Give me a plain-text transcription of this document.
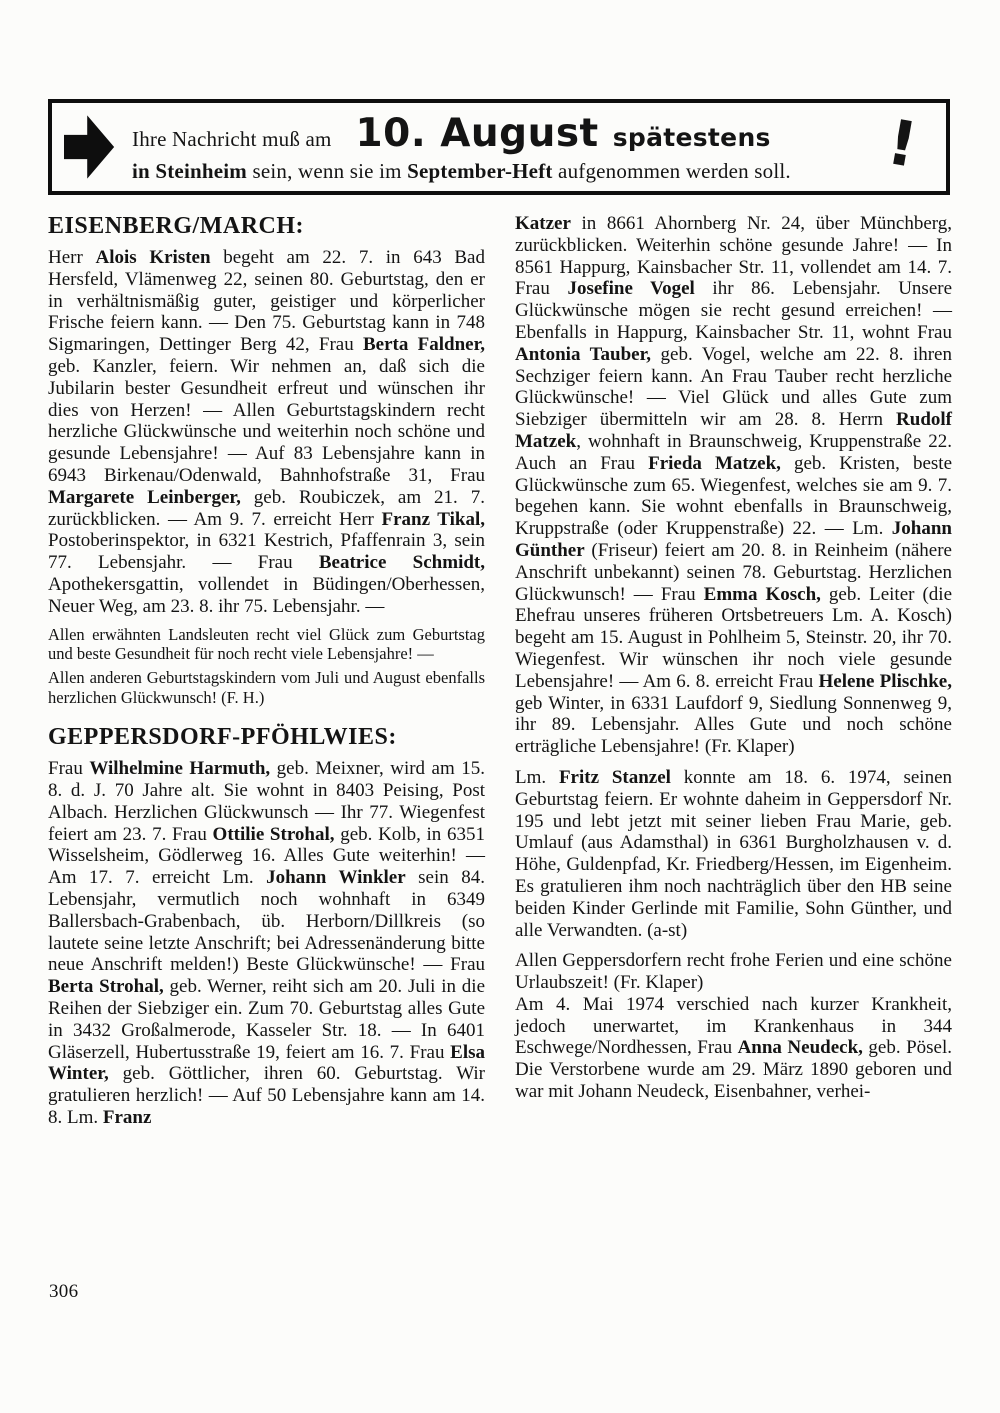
Ihre Nachricht muß am 10. August spätestens
in Steinheim sein, wenn sie im September-Heft aufgenommen werden soll.	!
EISENBERG/MARCH:

Herr Alois Kristen begeht am 22. 7. in 643 Bad Hersfeld, Vlämenweg 22, seinen 80. Geburtstag, den er in verhältnismäßig guter, geistiger und körperlicher Frische feiern kann. — Den 75. Geburtstag kann in 748 Sigmaringen, Dettinger Berg 42, Frau Berta Faldner, geb. Kanzler, feiern. Wir nehmen an, daß sich die Jubilarin bester Gesundheit erfreut und wünschen ihr dies von Herzen! — Allen Geburtstagskindern recht herzliche Glückwünsche und weiterhin noch schöne und gesunde Lebensjahre! — Auf 83 Lebensjahre kann in 6943 Birkenau/Odenwald, Bahnhofstraße 31, Frau Margarete Leinberger, geb. Roubiczek, am 21. 7. zurückblicken. — Am 9. 7. erreicht Herr Franz Tikal, Postoberinspektor, in 6321 Kestrich, Pfaffenrain 3, sein 77. Lebensjahr. — Frau Beatrice Schmidt, Apothekersgattin, vollendet in Büdingen/Oberhessen, Neuer Weg, am 23. 8. ihr 75. Lebensjahr. —

Allen erwähnten Landsleuten recht viel Glück zum Geburtstag und beste Gesundheit für noch recht viele Lebensjahre! —

Allen anderen Geburtstagskindern vom Juli und August ebenfalls herzlichen Glückwunsch! (F. H.)

GEPPERSDORF-PFÖHLWIES:

Frau Wilhelmine Harmuth, geb. Meixner, wird am 15. 8. d. J. 70 Jahre alt. Sie wohnt in 8403 Peising, Post Albach. Herzlichen Glückwunsch — Ihr 77. Wiegenfest feiert am 23. 7. Frau Ottilie Strohal, geb. Kolb, in 6351 Wisselsheim, Gödlerweg 16. Alles Gute weiterhin! — Am 17. 7. erreicht Lm. Johann Winkler sein 84. Lebensjahr, vermutlich noch wohnhaft in 6349 Ballersbach-Grabenbach, üb. Herborn/Dillkreis (so lautete seine letzte Anschrift; bei Adressenänderung bitte neue Anschrift melden!) Beste Glückwünsche! — Frau Berta Strohal, geb. Werner, reiht sich am 20. Juli in die Reihen der Siebziger ein. Zum 70. Geburtstag alles Gute in 3432 Großalmerode, Kasseler Str. 18. — In 6401 Gläserzell, Hubertusstraße 19, feiert am 16. 7. Frau Elsa Winter, geb. Göttlicher, ihren 60. Geburtstag. Wir gratulieren herzlich! — Auf 50 Lebensjahre kann am 14. 8. Lm. Franz

Katzer in 8661 Ahornberg Nr. 24, über Münchberg, zurückblicken. Weiterhin schöne gesunde Jahre! — In 8561 Happurg, Kainsbacher Str. 11, vollendet am 14. 7. Frau Josefine Vogel ihr 86. Lebensjahr. Unsere Glückwünsche mögen sie recht gesund erreichen! — Ebenfalls in Happurg, Kainsbacher Str. 11, wohnt Frau Antonia Tauber, geb. Vogel, welche am 22. 8. ihren Sechziger feiern kann. An Frau Tauber recht herzliche Glückwünsche! — Viel Glück und alles Gute zum Siebziger übermitteln wir am 28. 8. Herrn Rudolf Matzek, wohnhaft in Braunschweig, Kruppenstraße 22. Auch an Frau Frieda Matzek, geb. Kristen, beste Glückwünsche zum 65. Wiegenfest, welches sie am 9. 7. begehen kann. Sie wohnt ebenfalls in Braunschweig, Kruppstraße (oder Kruppenstraße) 22. — Lm. Johann Günther (Friseur) feiert am 20. 8. in Reinheim (nähere Anschrift unbekannt) seinen 78. Geburtstag. Herzlichen Glückwunsch! — Frau Emma Kosch, geb. Leiter (die Ehefrau unseres früheren Ortsbetreuers Lm. A. Kosch) begeht am 15. August in Pohlheim 5, Steinstr. 20, ihr 70. Wiegenfest. Wir wünschen ihr noch viele gesunde Lebensjahre! — Am 6. 8. erreicht Frau Helene Plischke, geb Winter, in 6331 Laufdorf 9, Siedlung Sonnenweg 9, ihr 89. Lebensjahr. Alles Gute und noch schöne erträgliche Lebensjahre! (Fr. Klaper)

Lm. Fritz Stanzel konnte am 18. 6. 1974, seinen Geburtstag feiern. Er wohnte daheim in Geppersdorf Nr. 195 und lebt jetzt mit seiner lieben Frau Marie, geb. Umlauf (aus Adamsthal) in 6361 Burgholzhausen v. d. Höhe, Guldenpfad, Kr. Friedberg/Hessen, im Eigenheim. Es gratulieren ihm noch nachträglich über den HB seine beiden Kinder Gerlinde mit Familie, Sohn Günther, und alle Verwandten. (a-st)

Allen Geppersdorfern recht frohe Ferien und eine schöne Urlaubszeit! (Fr. Klaper)

Am 4. Mai 1974 verschied nach kurzer Krankheit, jedoch unerwartet, im Krankenhaus in 344 Eschwege/Nordhessen, Frau Anna Neudeck, geb. Pösel. Die Verstorbene wurde am 29. März 1890 geboren und war mit Johann Neudeck, Eisenbahner, verhei-

306
